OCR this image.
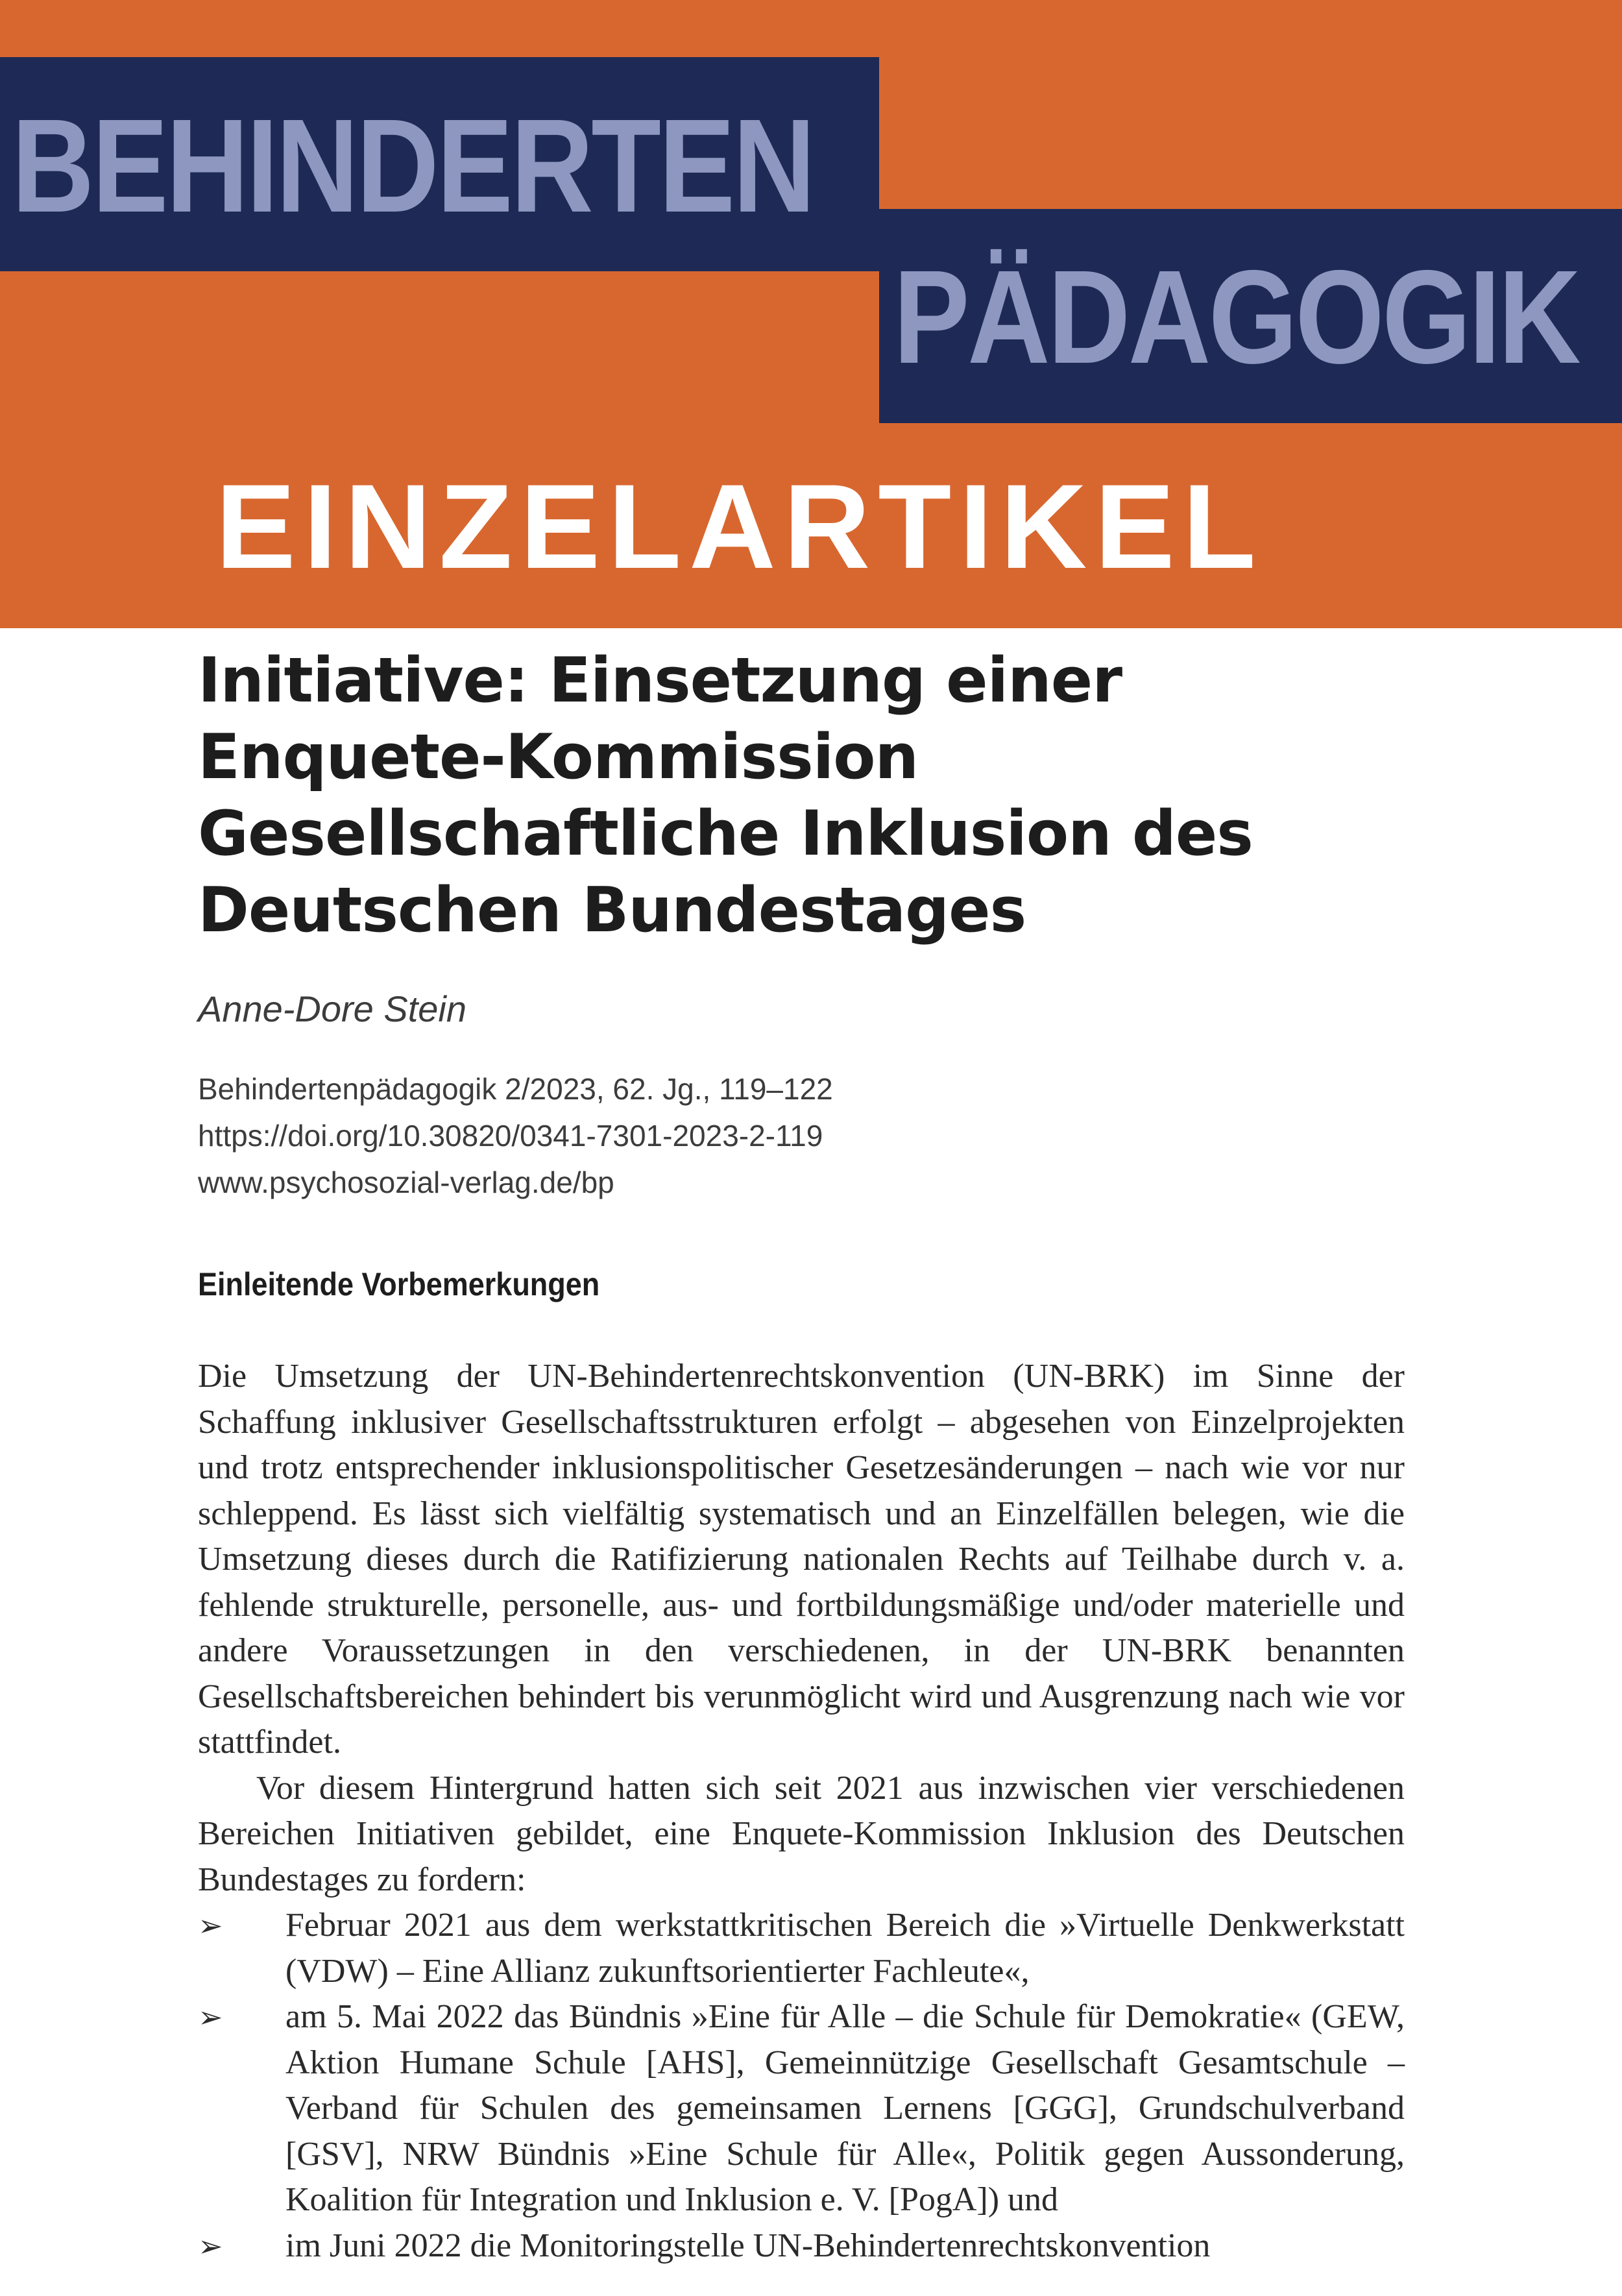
BEHINDERTEN
PÄDAGOGIK
EINZELARTIKEL
Initiative: Einsetzung einer Enquete-Kommission Gesellschaftliche Inklusion des Deutschen Bundestages
Anne-Dore Stein
Behindertenpädagogik 2/2023, 62. Jg., 119–122
https://doi.org/10.30820/0341-7301-2023-2-119
www.psychosozial-verlag.de/bp
Einleitende Vorbemerkungen

Die Umsetzung der UN-Behindertenrechtskonvention (UN-BRK) im Sinne der Schaffung inklusiver Gesellschaftsstrukturen erfolgt – abgesehen von Einzelprojekten und trotz entsprechender inklusionspolitischer Gesetzesänderungen – nach wie vor nur schleppend. Es lässt sich vielfältig systematisch und an Einzelfällen belegen, wie die Umsetzung dieses durch die Ratifizierung nationalen Rechts auf Teilhabe durch v. a. fehlende strukturelle, personelle, aus- und fortbildungsmäßige und/oder materielle und andere Voraussetzungen in den verschiedenen, in der UN-BRK benannten Gesellschaftsbereichen behindert bis verunmöglicht wird und Ausgrenzung nach wie vor stattfindet.

Vor diesem Hintergrund hatten sich seit 2021 aus inzwischen vier verschiedenen Bereichen Initiativen gebildet, eine Enquete-Kommission Inklusion des Deutschen Bundestages zu fordern:

➢ Februar 2021 aus dem werkstattkritischen Bereich die »Virtuelle Denkwerkstatt (VDW) – Eine Allianz zukunftsorientierter Fachleute«,
➢ am 5. Mai 2022 das Bündnis »Eine für Alle – die Schule für Demokratie« (GEW, Aktion Humane Schule [AHS], Gemeinnützige Gesellschaft Gesamtschule – Verband für Schulen des gemeinsamen Lernens [GGG], Grundschulverband [GSV], NRW Bündnis »Eine Schule für Alle«, Politik gegen Aussonderung, Koalition für Integration und Inklusion e. V. [PogA]) und
➢ im Juni 2022 die Monitoringstelle UN-Behindertenrechtskonvention
